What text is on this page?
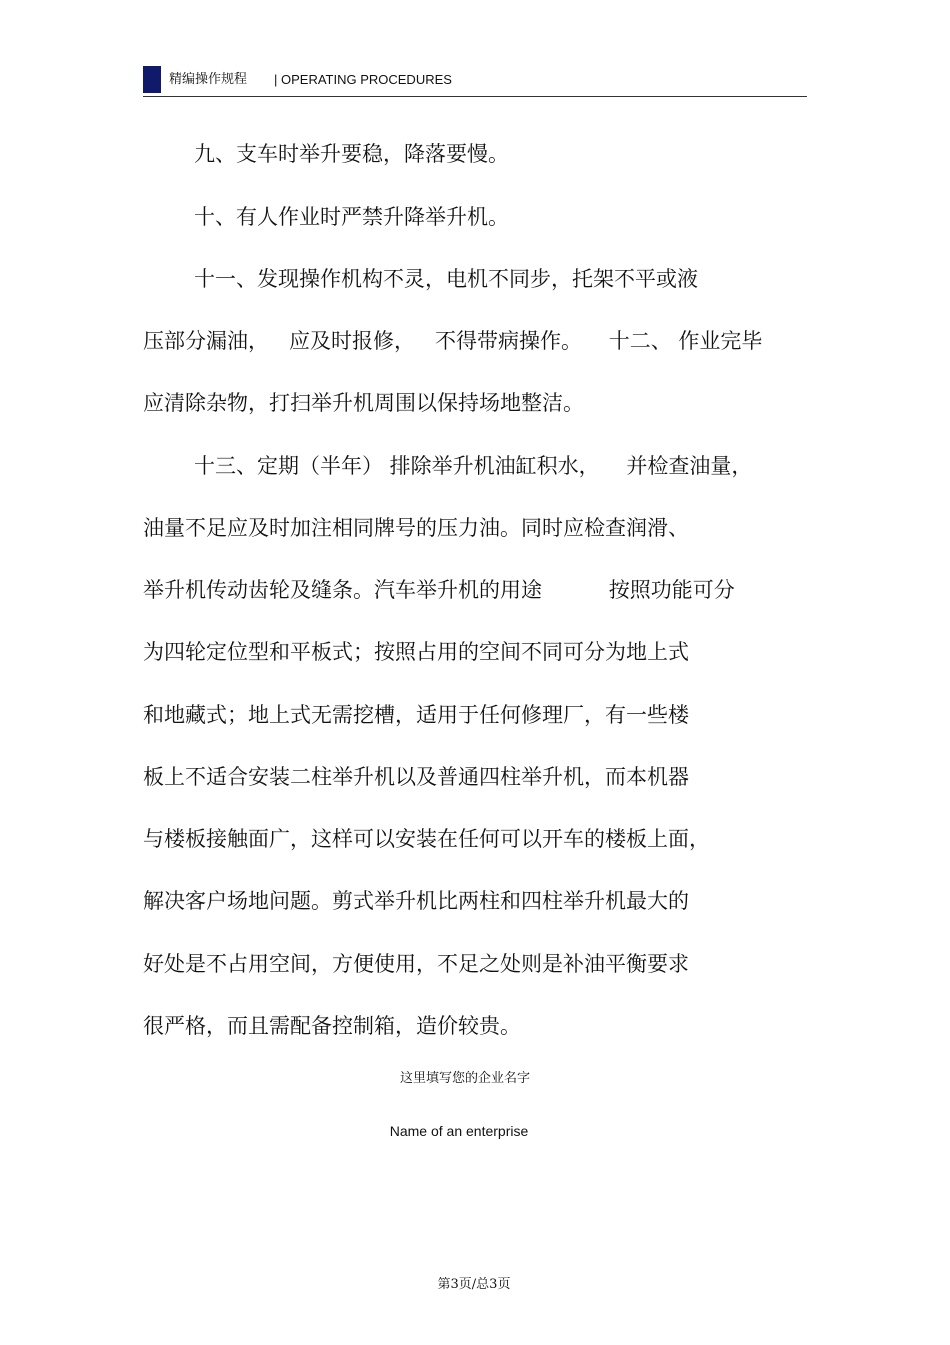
精编操作规程 | OPERATING PROCEDURES
九、支车时举升要稳，降落要慢。
十、有人作业时严禁升降举升机。
十一、发现操作机构不灵，电机不同步，托架不平或液
压部分漏油，   应及时报修，   不得带病操作。    十二、 作业完毕
应清除杂物，打扫举升机周围以保持场地整洁。
十三、定期（半年） 排除举升机油缸积水，    并检查油量，
油量不足应及时加注相同牌号的压力油。同时应检查润滑、
举升机传动齿轮及缝条。汽车举升机的用途          按照功能可分
为四轮定位型和平板式；按照占用的空间不同可分为地上式
和地藏式；地上式无需挖槽，适用于任何修理厂，有一些楼
板上不适合安装二柱举升机以及普通四柱举升机，而本机器
与楼板接触面广，这样可以安装在任何可以开车的楼板上面，
解决客户场地问题。剪式举升机比两柱和四柱举升机最大的
好处是不占用空间，方便使用，不足之处则是补油平衡要求
很严格，而且需配备控制箱，造价较贵。
这里填写您的企业名字
Name of an enterprise
第3页/总3页
